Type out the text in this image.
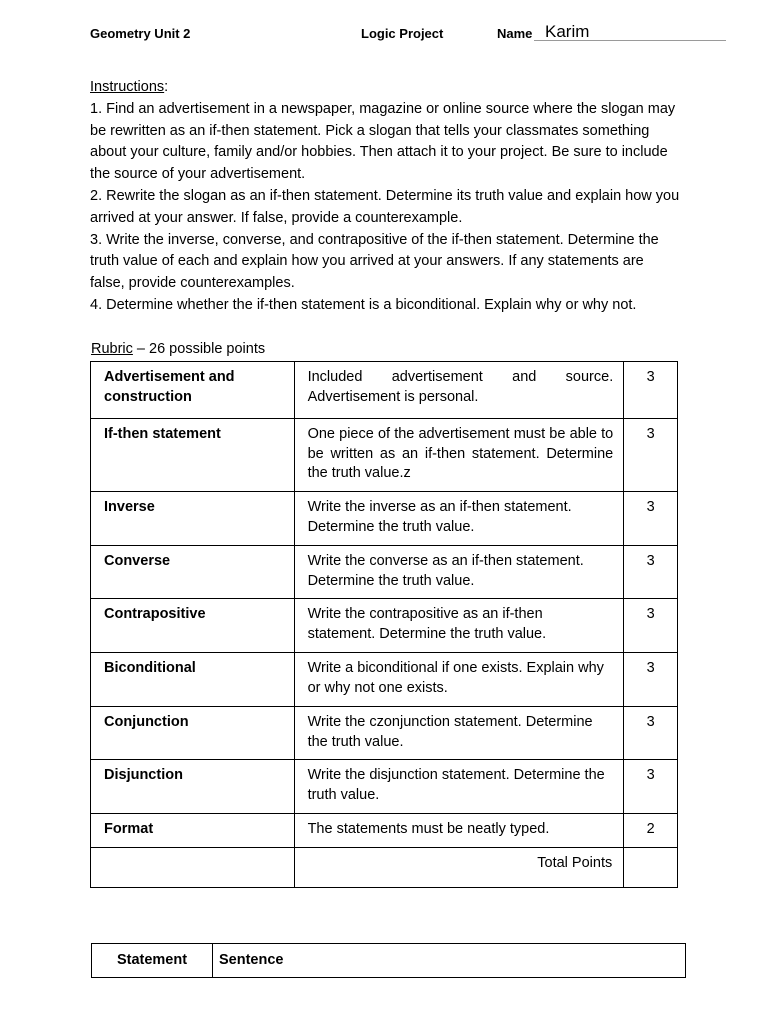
Geometry Unit 2	Logic Project	Name Karim

Instructions:

1. Find an advertisement in a newspaper, magazine or online source where the slogan may be rewritten as an if-then statement. Pick a slogan that tells your classmates something about your culture, family and/or hobbies. Then attach it to your project. Be sure to include the source of your advertisement.

2. Rewrite the slogan as an if-then statement. Determine its truth value and explain how you arrived at your answer. If false, provide a counterexample.

3. Write the inverse, converse, and contrapositive of the if-then statement. Determine the truth value of each and explain how you arrived at your answers. If any statements are false, provide counterexamples.

4. Determine whether the if-then statement is a biconditional. Explain why or why not.

Rubric – 26 possible points
Advertisement and construction	Included advertisement and source. Advertisement is personal.	3
If-then statement	One piece of the advertisement must be able to be written as an if-then statement. Determine the truth value.z	3
Inverse	Write the inverse as an if-then statement. Determine the truth value.	3
Converse	Write the converse as an if-then statement. Determine the truth value.	3
Contrapositive	Write the contrapositive as an if-then statement. Determine the truth value.	3
Biconditional	Write a biconditional if one exists. Explain why or why not one exists.	3
Conjunction	Write the czonjunction statement. Determine the truth value.	3
Disjunction	Write the disjunction statement. Determine the truth value.	3
Format	The statements must be neatly typed.	2
	Total Points	
Statement	Sentence
